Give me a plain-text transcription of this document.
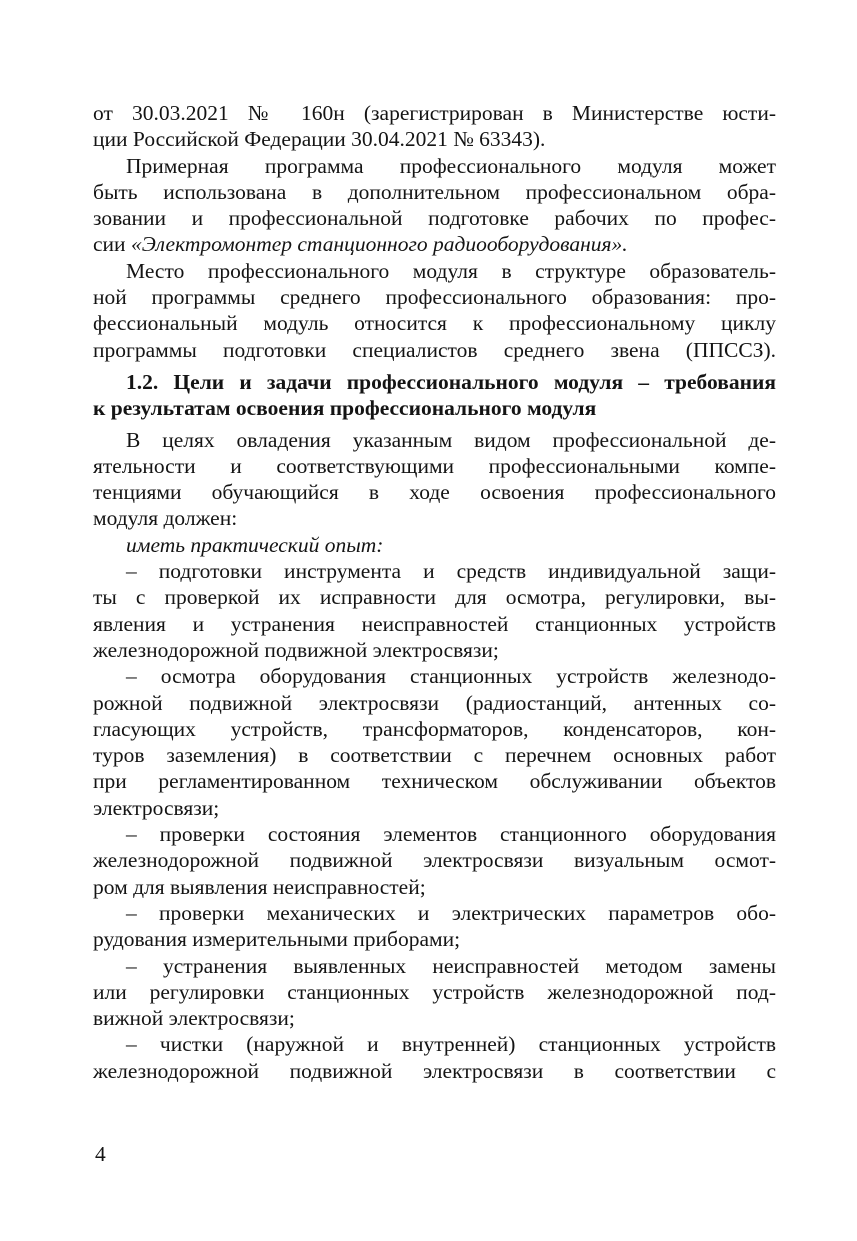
от 30.03.2021 № 160н (зарегистрирован в Министерстве юсти-
ции Российской Федерации 30.04.2021 № 63343).
Примерная программа профессионального модуля может
быть использована в дополнительном профессиональном обра-
зовании и профессиональной подготовке рабочих по профес-
сии «Электромонтер станционного радиооборудования».
Место профессионального модуля в структуре образователь-
ной программы среднего профессионального образования: про-
фессиональный модуль относится к профессиональному циклу
программы подготовки специалистов среднего звена (ППССЗ).
1.2. Цели и задачи профессионального модуля – требования
к результатам освоения профессионального модуля
В целях овладения указанным видом профессиональной де-
ятельности и соответствующими профессиональными компе-
тенциями обучающийся в ходе освоения профессионального
модуля должен:
иметь практический опыт:
– подготовки инструмента и средств индивидуальной защи-
ты с проверкой их исправности для осмотра, регулировки, вы-
явления и устранения неисправностей станционных устройств
железнодорожной подвижной электросвязи;
– осмотра оборудования станционных устройств железнодо-
рожной подвижной электросвязи (радиостанций, антенных со-
гласующих устройств, трансформаторов, конденсаторов, кон-
туров заземления) в соответствии с перечнем основных работ
при регламентированном техническом обслуживании объектов
электросвязи;
– проверки состояния элементов станционного оборудования
железнодорожной подвижной электросвязи визуальным осмот-
ром для выявления неисправностей;
– проверки механических и электрических параметров обо-
рудования измерительными приборами;
– устранения выявленных неисправностей методом замены
или регулировки станционных устройств железнодорожной под-
вижной электросвязи;
– чистки (наружной и внутренней) станционных устройств
железнодорожной подвижной электросвязи в соответствии с
4
